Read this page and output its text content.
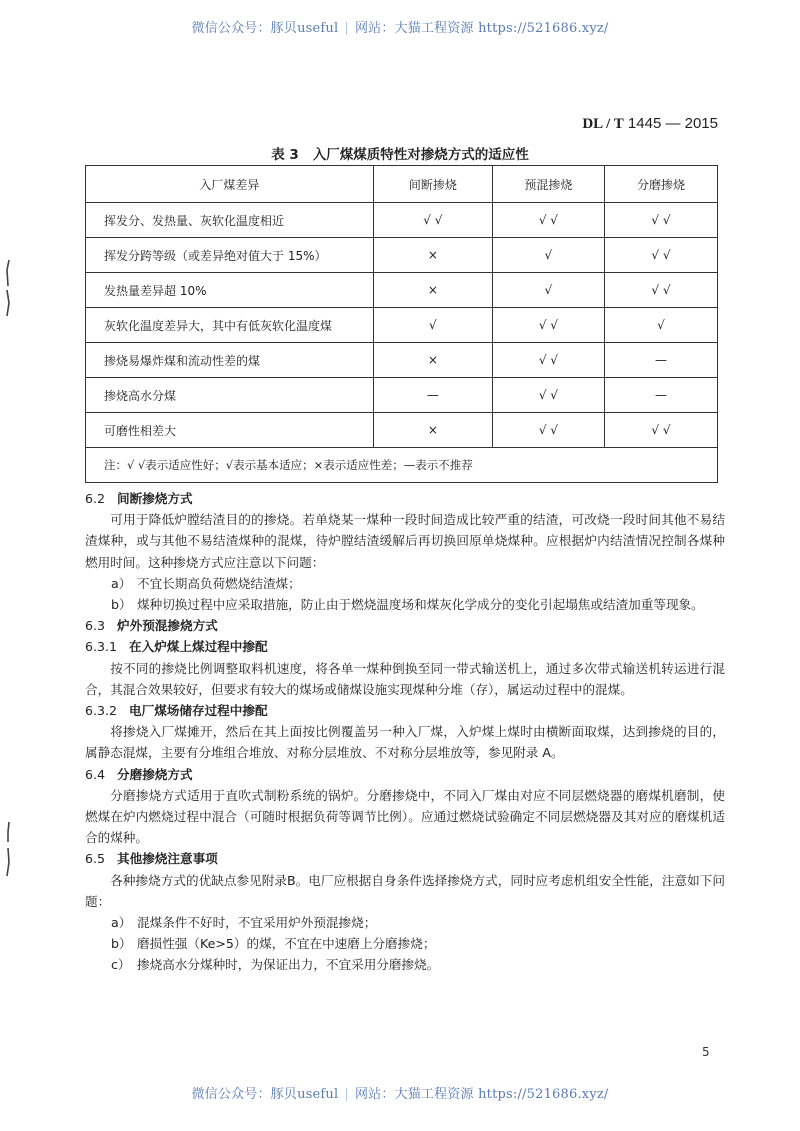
微信公众号：豚贝useful | 网站：大猫工程资源 https://521686.xyz/
DL / T 1445 — 2015
表 3 入厂煤煤质特性对掺烧方式的适应性
入厂煤差异	间断掺烧	预混掺烧	分磨掺烧
挥发分、发热量、灰软化温度相近	√ √	√ √	√ √
挥发分跨等级（或差异绝对值大于 15%）	×	√	√ √
发热量差异超 10%	×	√	√ √
灰软化温度差异大，其中有低灰软化温度煤	√	√ √	√
掺烧易爆炸煤和流动性差的煤	×	√ √	—
掺烧高水分煤	—	√ √	—
可磨性相差大	×	√ √	√ √
注：√ √表示适应性好；√表示基本适应；×表示适应性差；—表示不推荐			

6.2 间断掺烧方式

可用于降低炉膛结渣目的的掺烧。若单烧某一煤种一段时间造成比较严重的结渣，可改烧一段时间其他不易结渣煤种，或与其他不易结渣煤种的混煤，待炉膛结渣缓解后再切换回原单烧煤种。应根据炉内结渣情况控制各煤种燃用时间。这种掺烧方式应注意以下问题：

a） 不宜长期高负荷燃烧结渣煤；

b） 煤种切换过程中应采取措施，防止由于燃烧温度场和煤灰化学成分的变化引起塌焦或结渣加重等现象。

6.3 炉外预混掺烧方式

6.3.1 在入炉煤上煤过程中掺配

按不同的掺烧比例调整取料机速度，将各单一煤种倒换至同一带式输送机上，通过多次带式输送机转运进行混合，其混合效果较好，但要求有较大的煤场或储煤设施实现煤种分堆（存），属运动过程中的混煤。

6.3.2 电厂煤场储存过程中掺配

将掺烧入厂煤摊开，然后在其上面按比例覆盖另一种入厂煤，入炉煤上煤时由横断面取煤，达到掺烧的目的，属静态混煤，主要有分堆组合堆放、对称分层堆放、不对称分层堆放等，参见附录 A。

6.4 分磨掺烧方式

分磨掺烧方式适用于直吹式制粉系统的锅炉。分磨掺烧中，不同入厂煤由对应不同层燃烧器的磨煤机磨制，使燃煤在炉内燃烧过程中混合（可随时根据负荷等调节比例）。应通过燃烧试验确定不同层燃烧器及其对应的磨煤机适合的煤种。

6.5 其他掺烧注意事项

各种掺烧方式的优缺点参见附录B。电厂应根据自身条件选择掺烧方式，同时应考虑机组安全性能，注意如下问题：

a） 混煤条件不好时，不宜采用炉外预混掺烧；

b） 磨损性强（Ke>5）的煤，不宜在中速磨上分磨掺烧；

c） 掺烧高水分煤种时，为保证出力，不宜采用分磨掺烧。

5
微信公众号：豚贝useful | 网站：大猫工程资源 https://521686.xyz/
